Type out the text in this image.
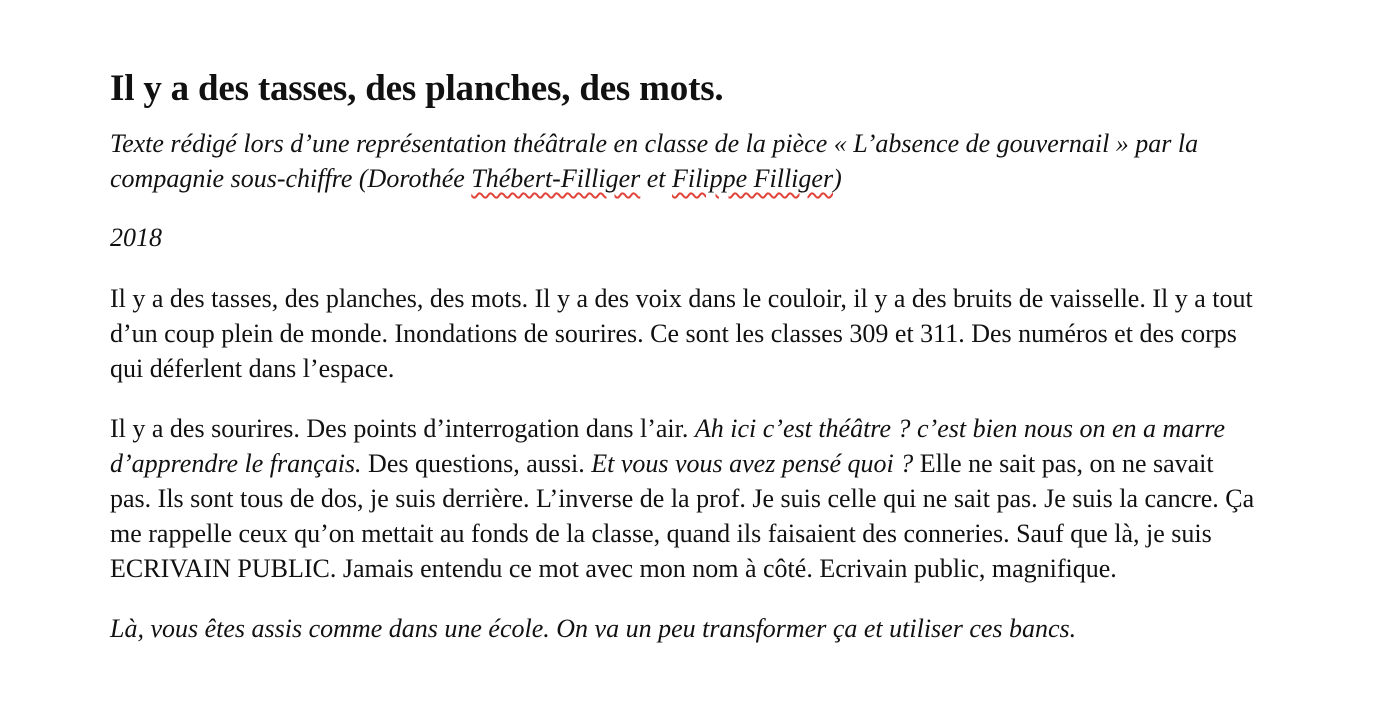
Il y a des tasses, des planches, des mots.

Texte rédigé lors d’une représentation théâtrale en classe de la pièce « L’absence de gouvernail » par la compagnie sous-chiffre (Dorothée Thébert-Filliger et Filippe Filliger)

2018

Il y a des tasses, des planches, des mots. Il y a des voix dans le couloir, il y a des bruits de vaisselle. Il y a tout d’un coup plein de monde. Inondations de sourires. Ce sont les classes 309 et 311. Des numéros et des corps qui déferlent dans l’espace.

Il y a des sourires. Des points d’interrogation dans l’air. Ah ici c’est théâtre ? c’est bien nous on en a marre d’apprendre le français. Des questions, aussi. Et vous vous avez pensé quoi ? Elle ne sait pas, on ne savait pas. Ils sont tous de dos, je suis derrière. L’inverse de la prof. Je suis celle qui ne sait pas. Je suis la cancre. Ça me rappelle ceux qu’on mettait au fonds de la classe, quand ils faisaient des conneries. Sauf que là, je suis ECRIVAIN PUBLIC. Jamais entendu ce mot avec mon nom à côté. Ecrivain public, magnifique.

Là, vous êtes assis comme dans une école. On va un peu transformer ça et utiliser ces bancs.
